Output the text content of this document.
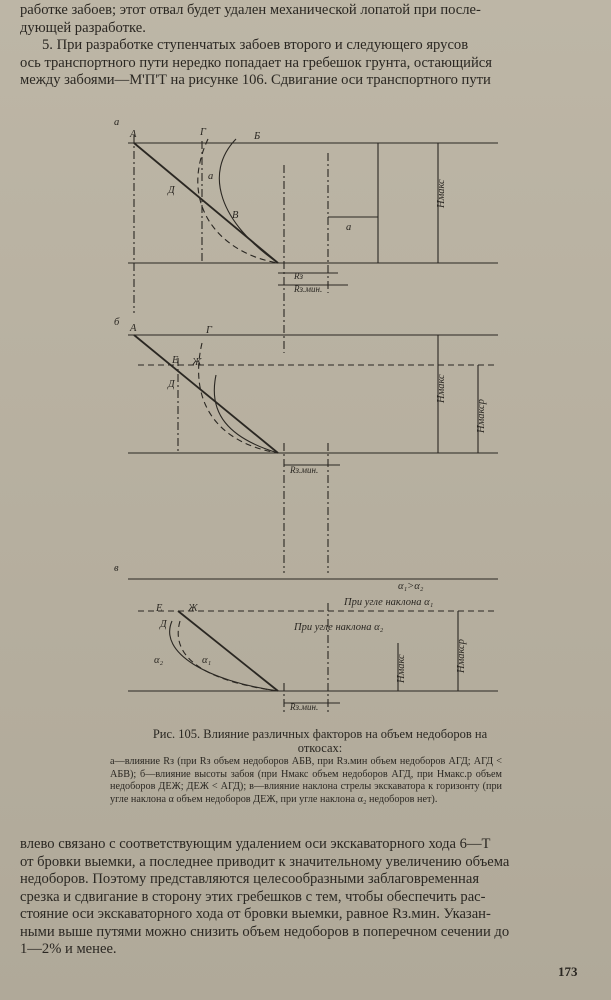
работке забоев; этот отвал будет удален механической лопатой при после-
дующей разработке.
5. При разработке ступенчатых забоев второго и следующего ярусов
ось транспортного пути нередко попадает на гребешок грунта, остающийся
между забоями—М'П'Т на рисунке 106. Сдвигание оси транспортного пути
а
А	Г	Б
Д
В
а
а
Hмакс
Rз
Rз.мин.
б
А	Г
Е Ж
Д	Hмакс
Hмакср
Rз.мин.
в
α₁>α₂
При угле наклона α₁
При угле наклона α₂
Е Ж
Д
α₂	α₁	Hмакс	Hмакср
Rз.мин.

Рис. 105. Влияние различных факторов на объем недоборов на откосах:

а—влияние Rз (при Rз объем недоборов АБВ, при Rз.мин объем недоборов АГД; АГД < АБВ); б—влияние высоты забоя (при Нмакс объем недоборов АГД, при Нмакс.р объем недоборов ДЕЖ; ДЕЖ < АГД); в—влияние наклона стрелы экскаватора к горизонту (при угле наклона α объем недоборов ДЕЖ, при угле наклона α₂ недоборов нет).

влево связано с соответствующим удалением оси экскаваторного хода 6—Т
от бровки выемки, а последнее приводит к значительному увеличению объема
недоборов. Поэтому представляются целесообразными заблаговременная
срезка и сдвигание в сторону этих гребешков с тем, чтобы обеспечить рас-
стояние оси экскаваторного хода от бровки выемки, равное Rз.мин. Указан-
ными выше путями можно снизить объем недоборов в поперечном сечении до
1—2% и менее.
173
